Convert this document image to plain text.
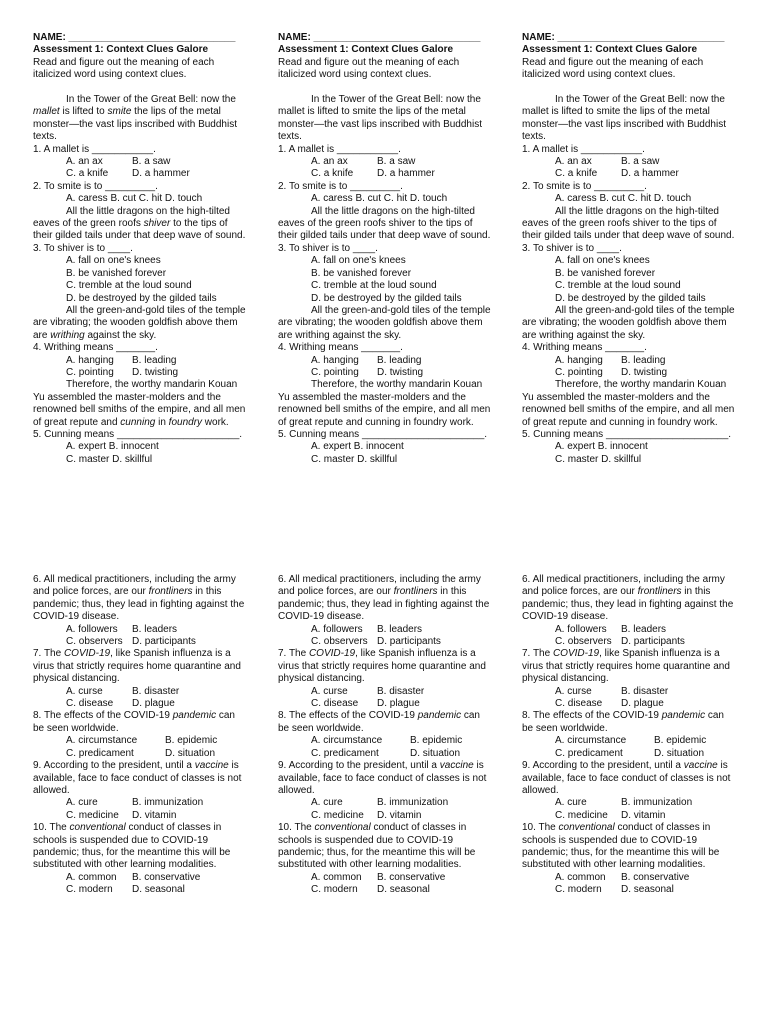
NAME: ______________________________
Assessment 1: Context Clues Galore
Read and figure out the meaning of each italicized word using context clues.
In the Tower of the Great Bell: now the mallet is lifted to smite the lips of the metal monster—the vast lips inscribed with Buddhist texts.
1. A mallet is ___________.
A. an ax	B. a saw
C. a knife D. a hammer
2. To smite is to _________.
A. caress B. cut C. hit D. touch
All the little dragons on the high-tilted eaves of the green roofs shiver to the tips of their gilded tails under that deep wave of sound.
3. To shiver is to ____.
A. fall on one's knees
B. be vanished forever
C. tremble at the loud sound
D. be destroyed by the gilded tails
All the green-and-gold tiles of the temple are vibrating; the wooden goldfish above them are writhing against the sky.
4. Writhing means _______.
A. hanging B. leading
C. pointing D. twisting
Therefore, the worthy mandarin Kouan Yu assembled the master-molders and the renowned bell smiths of the empire, and all men of great repute and cunning in foundry work.
5. Cunning means ______________________.
A. expert B. innocent
C. master D. skillful
NAME: ______________________________
Assessment 1: Context Clues Galore
Read and figure out the meaning of each italicized word using context clues.
In the Tower of the Great Bell: now the mallet is lifted to smite the lips of the metal monster—the vast lips inscribed with Buddhist texts.
1. A mallet is ___________.
A. an ax	B. a saw
C. a knife D. a hammer
2. To smite is to _________.
A. caress B. cut C. hit D. touch
All the little dragons on the high-tilted eaves of the green roofs shiver to the tips of their gilded tails under that deep wave of sound.
3. To shiver is to ____.
A. fall on one's knees
B. be vanished forever
C. tremble at the loud sound
D. be destroyed by the gilded tails
All the green-and-gold tiles of the temple are vibrating; the wooden goldfish above them are writhing against the sky.
4. Writhing means _______.
A. hanging B. leading
C. pointing D. twisting
Therefore, the worthy mandarin Kouan Yu assembled the master-molders and the renowned bell smiths of the empire, and all men of great repute and cunning in foundry work.
5. Cunning means ______________________.
A. expert B. innocent
C. master D. skillful
NAME: ______________________________
Assessment 1: Context Clues Galore
Read and figure out the meaning of each italicized word using context clues.
In the Tower of the Great Bell: now the mallet is lifted to smite the lips of the metal monster—the vast lips inscribed with Buddhist texts.
1. A mallet is ___________.
A. an ax	B. a saw
C. a knife D. a hammer
2. To smite is to _________.
A. caress B. cut C. hit D. touch
All the little dragons on the high-tilted eaves of the green roofs shiver to the tips of their gilded tails under that deep wave of sound.
3. To shiver is to ____.
A. fall on one's knees
B. be vanished forever
C. tremble at the loud sound
D. be destroyed by the gilded tails
All the green-and-gold tiles of the temple are vibrating; the wooden goldfish above them are writhing against the sky.
4. Writhing means _______.
A. hanging B. leading
C. pointing D. twisting
Therefore, the worthy mandarin Kouan Yu assembled the master-molders and the renowned bell smiths of the empire, and all men of great repute and cunning in foundry work.
5. Cunning means ______________________.
A. expert B. innocent
C. master D. skillful
6. All medical practitioners, including the army and police forces, are our frontliners in this pandemic; thus, they lead in fighting against the COVID-19 disease.
A. followers B. leaders
C. observers D. participants
7. The COVID-19, like Spanish influenza is a virus that strictly requires home quarantine and physical distancing.
A. curse	B. disaster
C. disease D. plague
8. The effects of the COVID-19 pandemic can be seen worldwide.
A. circumstance	B. epidemic
C. predicament	D. situation
9. According to the president, until a vaccine is available, face to face conduct of classes is not allowed.
A. cure	B. immunization
C. medicine D. vitamin
10. The conventional conduct of classes in schools is suspended due to COVID-19 pandemic; thus, for the meantime this will be substituted with other learning modalities.
A. common B. conservative
C. modern D. seasonal
6. All medical practitioners, including the army and police forces, are our frontliners in this pandemic; thus, they lead in fighting against the COVID-19 disease.
A. followers B. leaders
C. observers D. participants
7. The COVID-19, like Spanish influenza is a virus that strictly requires home quarantine and physical distancing.
A. curse	B. disaster
C. disease D. plague
8. The effects of the COVID-19 pandemic can be seen worldwide.
A. circumstance	B. epidemic
C. predicament	D. situation
9. According to the president, until a vaccine is available, face to face conduct of classes is not allowed.
A. cure	B. immunization
C. medicine D. vitamin
10. The conventional conduct of classes in schools is suspended due to COVID-19 pandemic; thus, for the meantime this will be substituted with other learning modalities.
A. common B. conservative
C. modern D. seasonal
6. All medical practitioners, including the army and police forces, are our frontliners in this pandemic; thus, they lead in fighting against the COVID-19 disease.
A. followers B. leaders
C. observers D. participants
7. The COVID-19, like Spanish influenza is a virus that strictly requires home quarantine and physical distancing.
A. curse	B. disaster
C. disease D. plague
8. The effects of the COVID-19 pandemic can be seen worldwide.
A. circumstance	B. epidemic
C. predicament	D. situation
9. According to the president, until a vaccine is available, face to face conduct of classes is not allowed.
A. cure	B. immunization
C. medicine D. vitamin
10. The conventional conduct of classes in schools is suspended due to COVID-19 pandemic; thus, for the meantime this will be substituted with other learning modalities.
A. common B. conservative
C. modern D. seasonal
